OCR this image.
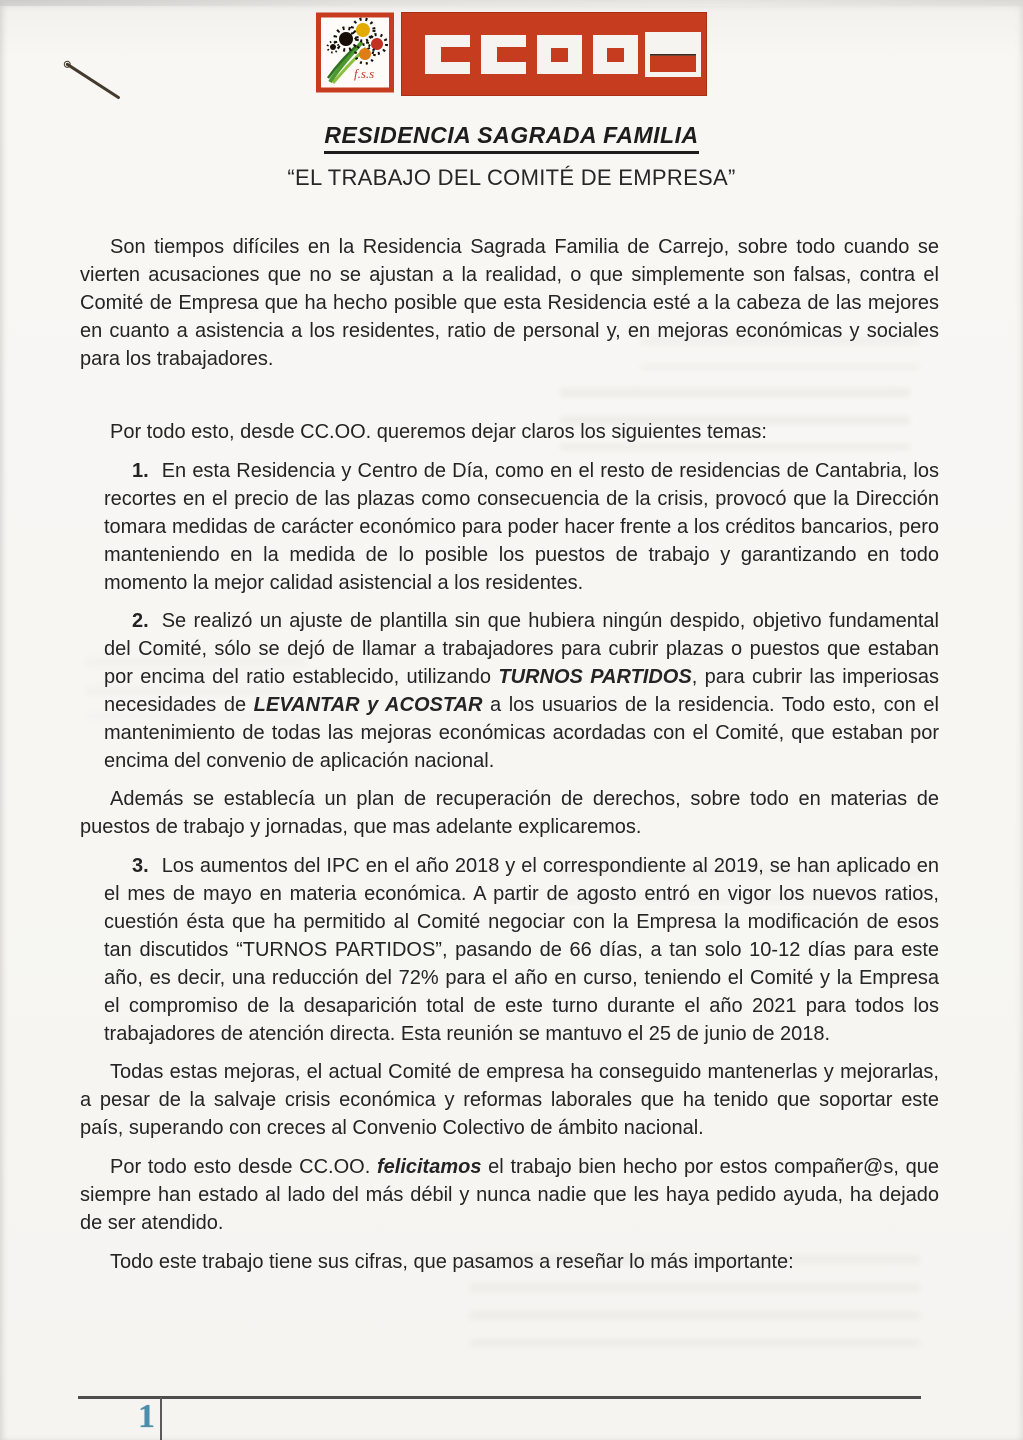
f.s.s
RESIDENCIA SAGRADA FAMILIA
“EL TRABAJO DEL COMITÉ DE EMPRESA”

Son tiempos difíciles en la Residencia Sagrada Familia de Carrejo, sobre todo cuando se vierten acusaciones que no se ajustan a la realidad, o que simplemente son falsas, contra el Comité de Empresa que ha hecho posible que esta Residencia esté a la cabeza de las mejores en cuanto a asistencia a los residentes, ratio de personal y, en mejoras económicas y sociales para los trabajadores.

Por todo esto, desde CC.OO. queremos dejar claros los siguientes temas:

1. En esta Residencia y Centro de Día, como en el resto de residencias de Cantabria, los recortes en el precio de las plazas como consecuencia de la crisis, provocó que la Dirección tomara medidas de carácter económico para poder hacer frente a los créditos bancarios, pero manteniendo en la medida de lo posible los puestos de trabajo y garantizando en todo momento la mejor calidad asistencial a los residentes.
2. Se realizó un ajuste de plantilla sin que hubiera ningún despido, objetivo fundamental del Comité, sólo se dejó de llamar a trabajadores para cubrir plazas o puestos que estaban por encima del ratio establecido, utilizando TURNOS PARTIDOS, para cubrir las imperiosas necesidades de LEVANTAR y ACOSTAR a los usuarios de la residencia. Todo esto, con el mantenimiento de todas las mejoras económicas acordadas con el Comité, que estaban por encima del convenio de aplicación nacional.

Además se establecía un plan de recuperación de derechos, sobre todo en materias de puestos de trabajo y jornadas, que mas adelante explicaremos.

3. Los aumentos del IPC en el año 2018 y el correspondiente al 2019, se han aplicado en el mes de mayo en materia económica. A partir de agosto entró en vigor los nuevos ratios, cuestión ésta que ha permitido al Comité negociar con la Empresa la modificación de esos tan discutidos “TURNOS PARTIDOS”, pasando de 66 días, a tan solo 10-12 días para este año, es decir, una reducción del 72% para el año en curso, teniendo el Comité y la Empresa el compromiso de la desaparición total de este turno durante el año 2021 para todos los trabajadores de atención directa. Esta reunión se mantuvo el 25 de junio de 2018.

Todas estas mejoras, el actual Comité de empresa ha conseguido mantenerlas y mejorarlas, a pesar de la salvaje crisis económica y reformas laborales que ha tenido que soportar este país, superando con creces al Convenio Colectivo de ámbito nacional.

Por todo esto desde CC.OO. felicitamos el trabajo bien hecho por estos compañer@s, que siempre han estado al lado del más débil y nunca nadie que les haya pedido ayuda, ha dejado de ser atendido.

Todo este trabajo tiene sus cifras, que pasamos a reseñar lo más importante:

1
